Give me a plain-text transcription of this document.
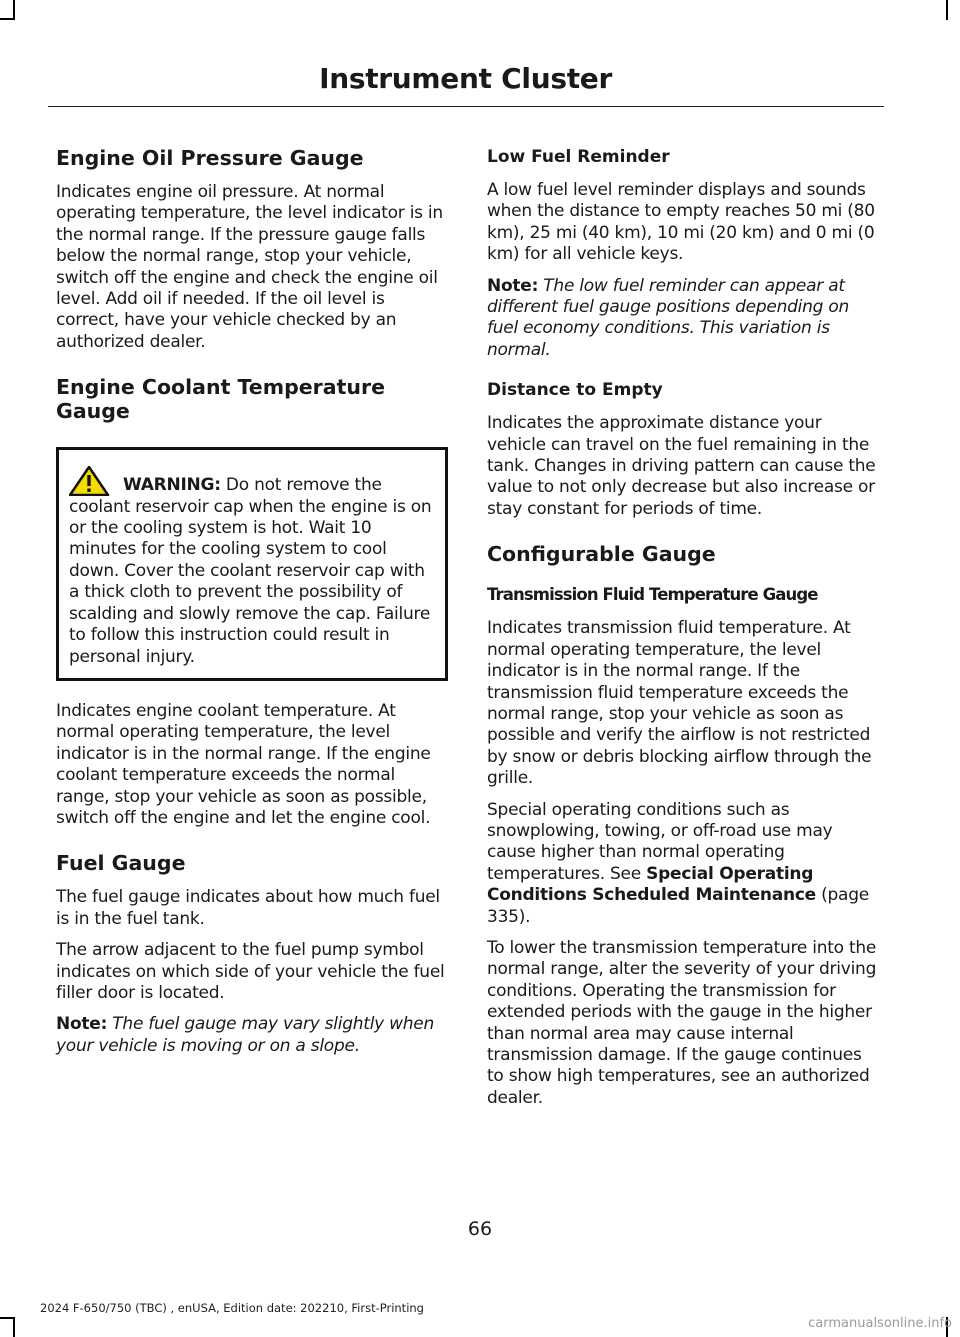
Instrument Cluster
Engine Oil Pressure Gauge

Indicates engine oil pressure. At normal operating temperature, the level indicator is in the normal range. If the pressure gauge falls below the normal range, stop your vehicle, switch off the engine and check the engine oil level. Add oil if needed. If the oil level is correct, have your vehicle checked by an authorized dealer.

Engine Coolant Temperature Gauge

WARNING: Do not remove the coolant reservoir cap when the engine is on or the cooling system is hot. Wait 10 minutes for the cooling system to cool down. Cover the coolant reservoir cap with a thick cloth to prevent the possibility of scalding and slowly remove the cap. Failure to follow this instruction could result in personal injury.

Indicates engine coolant temperature. At normal operating temperature, the level indicator is in the normal range. If the engine coolant temperature exceeds the normal range, stop your vehicle as soon as possible, switch off the engine and let the engine cool.

Fuel Gauge

The fuel gauge indicates about how much fuel is in the fuel tank.

The arrow adjacent to the fuel pump symbol indicates on which side of your vehicle the fuel filler door is located.

Note: The fuel gauge may vary slightly when your vehicle is moving or on a slope.

Low Fuel Reminder

A low fuel level reminder displays and sounds when the distance to empty reaches 50 mi (80 km), 25 mi (40 km), 10 mi (20 km) and 0 mi (0 km) for all vehicle keys.

Note: The low fuel reminder can appear at different fuel gauge positions depending on fuel economy conditions. This variation is normal.

Distance to Empty

Indicates the approximate distance your vehicle can travel on the fuel remaining in the tank. Changes in driving pattern can cause the value to not only decrease but also increase or stay constant for periods of time.

Configurable Gauge
Transmission Fluid Temperature Gauge

Indicates transmission fluid temperature. At normal operating temperature, the level indicator is in the normal range. If the transmission fluid temperature exceeds the normal range, stop your vehicle as soon as possible and verify the airflow is not restricted by snow or debris blocking airflow through the grille.

Special operating conditions such as snowplowing, towing, or off-road use may cause higher than normal operating temperatures. See Special Operating Conditions Scheduled Maintenance (page 335).

To lower the transmission temperature into the normal range, alter the severity of your driving conditions. Operating the transmission for extended periods with the gauge in the higher than normal area may cause internal transmission damage. If the gauge continues to show high temperatures, see an authorized dealer.

66
2024 F-650/750 (TBC) , enUSA, Edition date: 202210, First-Printing
carmanualsonline.info
